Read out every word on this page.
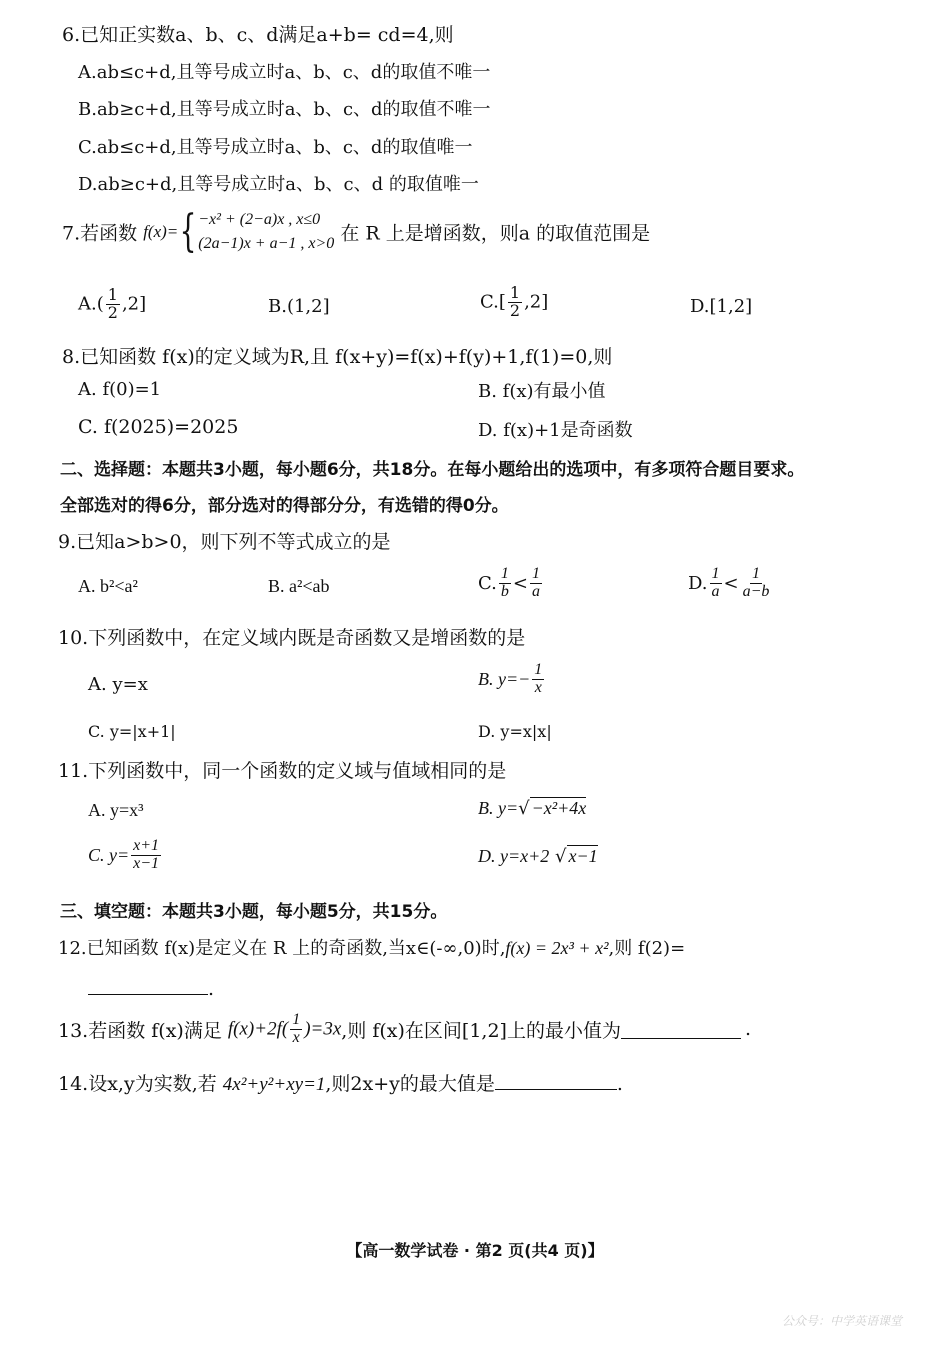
6.已知正实数a、b、c、d满足a+b= cd=4,则
A.ab≤c+d,且等号成立时a、b、c、d的取值不唯一
B.ab≥c+d,且等号成立时a、b、c、d的取值不唯一
C.ab≤c+d,且等号成立时a、b、c、d的取值唯一
D.ab≥c+d,且等号成立时a、b、c、d 的取值唯一
7.若函数 f(x)={ −x² + (2−a)x , x≤0
(2a−1)x + a−1 , x>0 在 R 上是增函数，则a 的取值范围是
$A.( \frac{1}{2} ,2]$	B.(1,2]	$C.[ \frac{1}{2} ,2]$	D.[1,2]
8.已知函数 f(x)的定义域为R,且 f(x+y)=f(x)+f(y)+1,f(1)=0,则
A. f(0)=1	B. f(x)有最小值
C. f(2025)=2025	D. f(x)+1是奇函数
二、选择题：本题共3小题，每小题6分，共18分。在每小题给出的选项中，有多项符合题目要求。
全部选对的得6分，部分选对的得部分分，有选错的得0分。
9.已知a>b>0，则下列不等式成立的是
A. b²<a²	B. a²<ab	C. $\frac{1}{b} < \frac{1}{a}$	D. $\frac{1}{a} < \frac{1}{a-b}$
10.下列函数中，在定义域内既是奇函数又是增函数的是
A. y=x	B. $y=- \frac{1}{x}$
C. y=|x+1|	D. y=x|x|
11.下列函数中，同一个函数的定义域与值域相同的是
A. y=x³	B. y=√ −x²+4x
C. $y= \frac{x+1}{x-1}$	D. y=x+2 √ x−1
三、填空题：本题共3小题，每小题5分，共15分。
12.已知函数 f(x)是定义在 R 上的奇函数,当x∈(-∞,0)时,f(x) = 2x³ + x²,则 f(2)=
.
13.若函数 f(x)满足 $f(x)+2f( \frac{1}{x} )=3x$,则 f(x)在区间[1,2]上的最小值为	.
14.设x,y为实数,若 4x²+y²+xy=1,则2x+y的最大值是	.
【高一数学试卷 · 第2 页(共4 页)】
公众号：中学英语课堂
